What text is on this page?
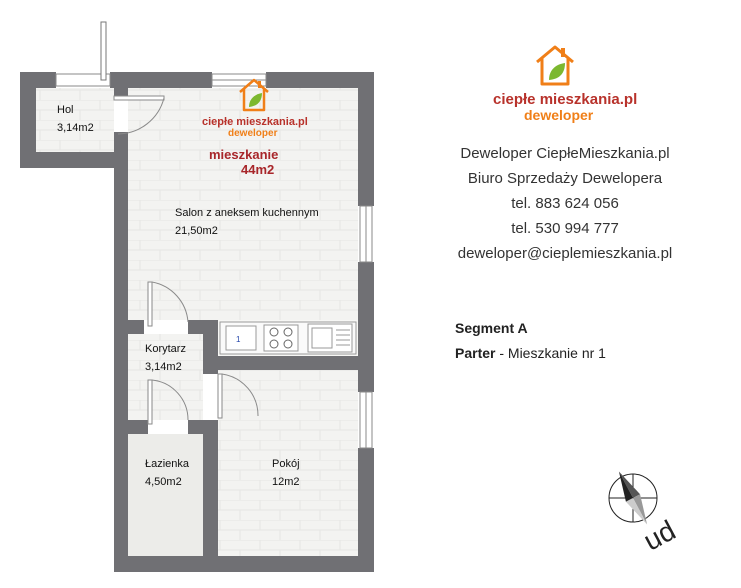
1
Hol
3,14m2
Salon z aneksem kuchennym
21,50m2
Korytarz
3,14m2
Łazienka
4,50m2
Pokój
12m2
ciepłe mieszkania.pl
deweloper
mieszkanie
44m2
ciepłe mieszkania.pl
deweloper
Deweloper CiepłeMieszkania.pl
Biuro Sprzedaży Dewelopera
tel. 883 624 056
tel. 530 994 777
deweloper@cieplemieszkania.pl
Segment A
Parter - Mieszkanie nr 1
pn
